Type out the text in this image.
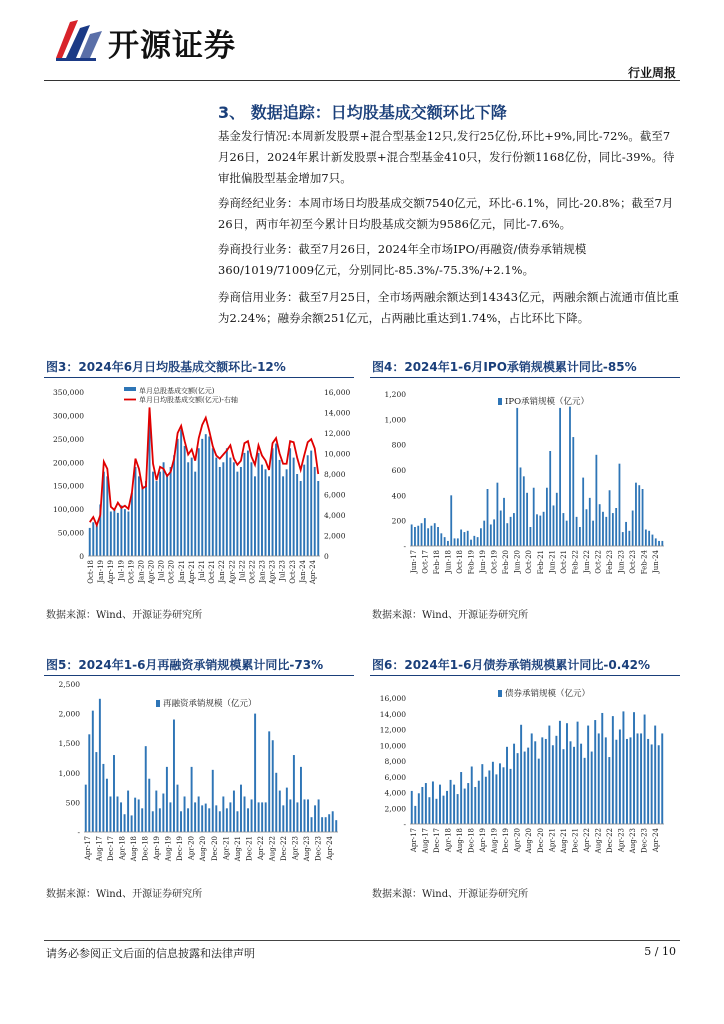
开源证券
行业周报
3、 数据追踪：日均股基成交额环比下降
基金发行情况:本周新发股票+混合型基金12只,发行25亿份,环比+9%,同比-72%。截至7月26日，2024年累计新发股票+混合型基金410只，发行份额1168亿份，同比-39%。待审批偏股型基金增加7只。
券商经纪业务：本周市场日均股基成交额7540亿元，环比-6.1%，同比-20.8%；截至7月26日，两市年初至今累计日均股基成交额为9586亿元，同比-7.6%。
券商投行业务：截至7月26日，2024年全市场IPO/再融资/债券承销规模360/1019/71009亿元，分别同比-85.3%/-75.3%/+2.1%。
券商信用业务：截至7月25日，全市场两融余额达到14343亿元，两融余额占流通市值比重为2.24%；融券余额251亿元，占两融比重达到1.74%，占比环比下降。
图3：2024年6月日均股基成交额环比-12%	图4：2024年1-6月IPO承销规模累计同比-85%
数据来源：Wind、开源证券研究所	数据来源：Wind、开源证券研究所
图5：2024年1-6月再融资承销规模累计同比-73%	图6：2024年1-6月债券承销规模累计同比-0.42%
数据来源：Wind、开源证券研究所	数据来源：Wind、开源证券研究所
0
50,000
100,000
150,000
200,000
250,000
300,000
350,000
0
2,000
4,000
6,000
8,000
10,000
12,000
14,000
16,000
Oct-18 Jan-19 Apr-19 Jul-19 Oct-19 Jan-20 Apr-20 Jul-20 Oct-20 Jan-21 Apr-21 Jul-21 Oct-21 Jan-22 Apr-22 Jul-22 Oct-22 Jan-23 Apr-23 Jul-23 Oct-23 Jan-24 Apr-24
单月总股基成交额(亿元)
单月日均股基成交额(亿元)-右轴
-
200
400
600
800
1,000
1,200
Jun-17 Oct-17 Feb-18 Jun-18 Oct-18 Feb-19 Jun-19 Oct-19 Feb-20 Jun-20 Oct-20 Feb-21 Jun-21 Oct-21 Feb-22 Jun-22 Oct-22 Feb-23 Jun-23 Oct-23 Feb-24 Jun-24
IPO承销规模（亿元）
-
500
1,000
1,500
2,000
2,500
Apr-17 Aug-17 Dec-17 Apr-18 Aug-18 Dec-18 Apr-19 Aug-19 Dec-19 Apr-20 Aug-20 Dec-20 Apr-21 Aug-21 Dec-21 Apr-22 Aug-22 Dec-22 Apr-23 Aug-23 Dec-23 Apr-24
再融资承销规模（亿元）
-
2,000
4,000
6,000
8,000
10,000
12,000
14,000
16,000
Apr-17 Aug-17 Dec-17 Apr-18 Aug-18 Dec-18 Apr-19 Aug-19 Dec-19 Apr-20 Aug-20 Dec-20 Apr-21 Aug-21 Dec-21 Apr-22 Aug-22 Dec-22 Apr-23 Aug-23 Dec-23 Apr-24
债券承销规模（亿元）
请务必参阅正文后面的信息披露和法律声明	5 / 10
